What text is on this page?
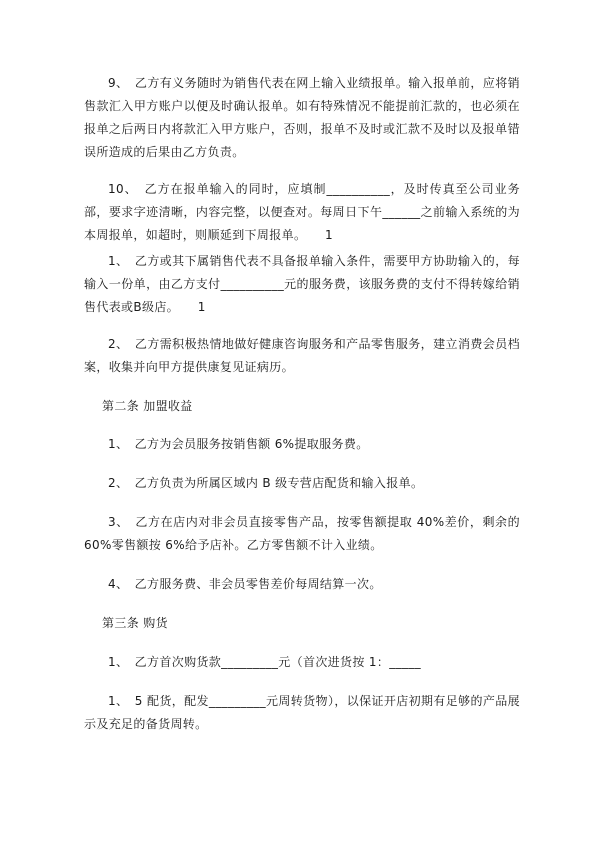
9、　乙方有义务随时为销售代表在网上输入业绩报单。输入报单前，应将销售款汇入甲方账户以便及时确认报单。如有特殊情况不能提前汇款的，也必须在报单之后两日内将款汇入甲方账户，否则，报单不及时或汇款不及时以及报单错误所造成的后果由乙方负责。

10、　乙方在报单输入的同时，应填制__________，及时传真至公司业务部，要求字迹清晰，内容完整，以便查对。每周日下午______之前输入系统的为本周报单，如超时，则顺延到下周报单。　　1

1、　乙方或其下属销售代表不具备报单输入条件，需要甲方协助输入的，每输入一份单，由乙方支付__________元的服务费，该服务费的支付不得转嫁给销售代表或B级店。　　1

2、　乙方需积极热情地做好健康咨询服务和产品零售服务，建立消费会员档案，收集并向甲方提供康复见证病历。

第二条 加盟收益

1、　乙方为会员服务按销售额 6%提取服务费。

2、　乙方负责为所属区域内 B 级专营店配货和输入报单。

3、　乙方在店内对非会员直接零售产品，按零售额提取 40%差价，剩余的 60%零售额按 6%给予店补。乙方零售额不计入业绩。

4、　乙方服务费、非会员零售差价每周结算一次。

第三条 购货

1、　乙方首次购货款_________元（首次进货按 1：_____

1、　5 配货，配发_________元周转货物），以保证开店初期有足够的产品展示及充足的备货周转。
